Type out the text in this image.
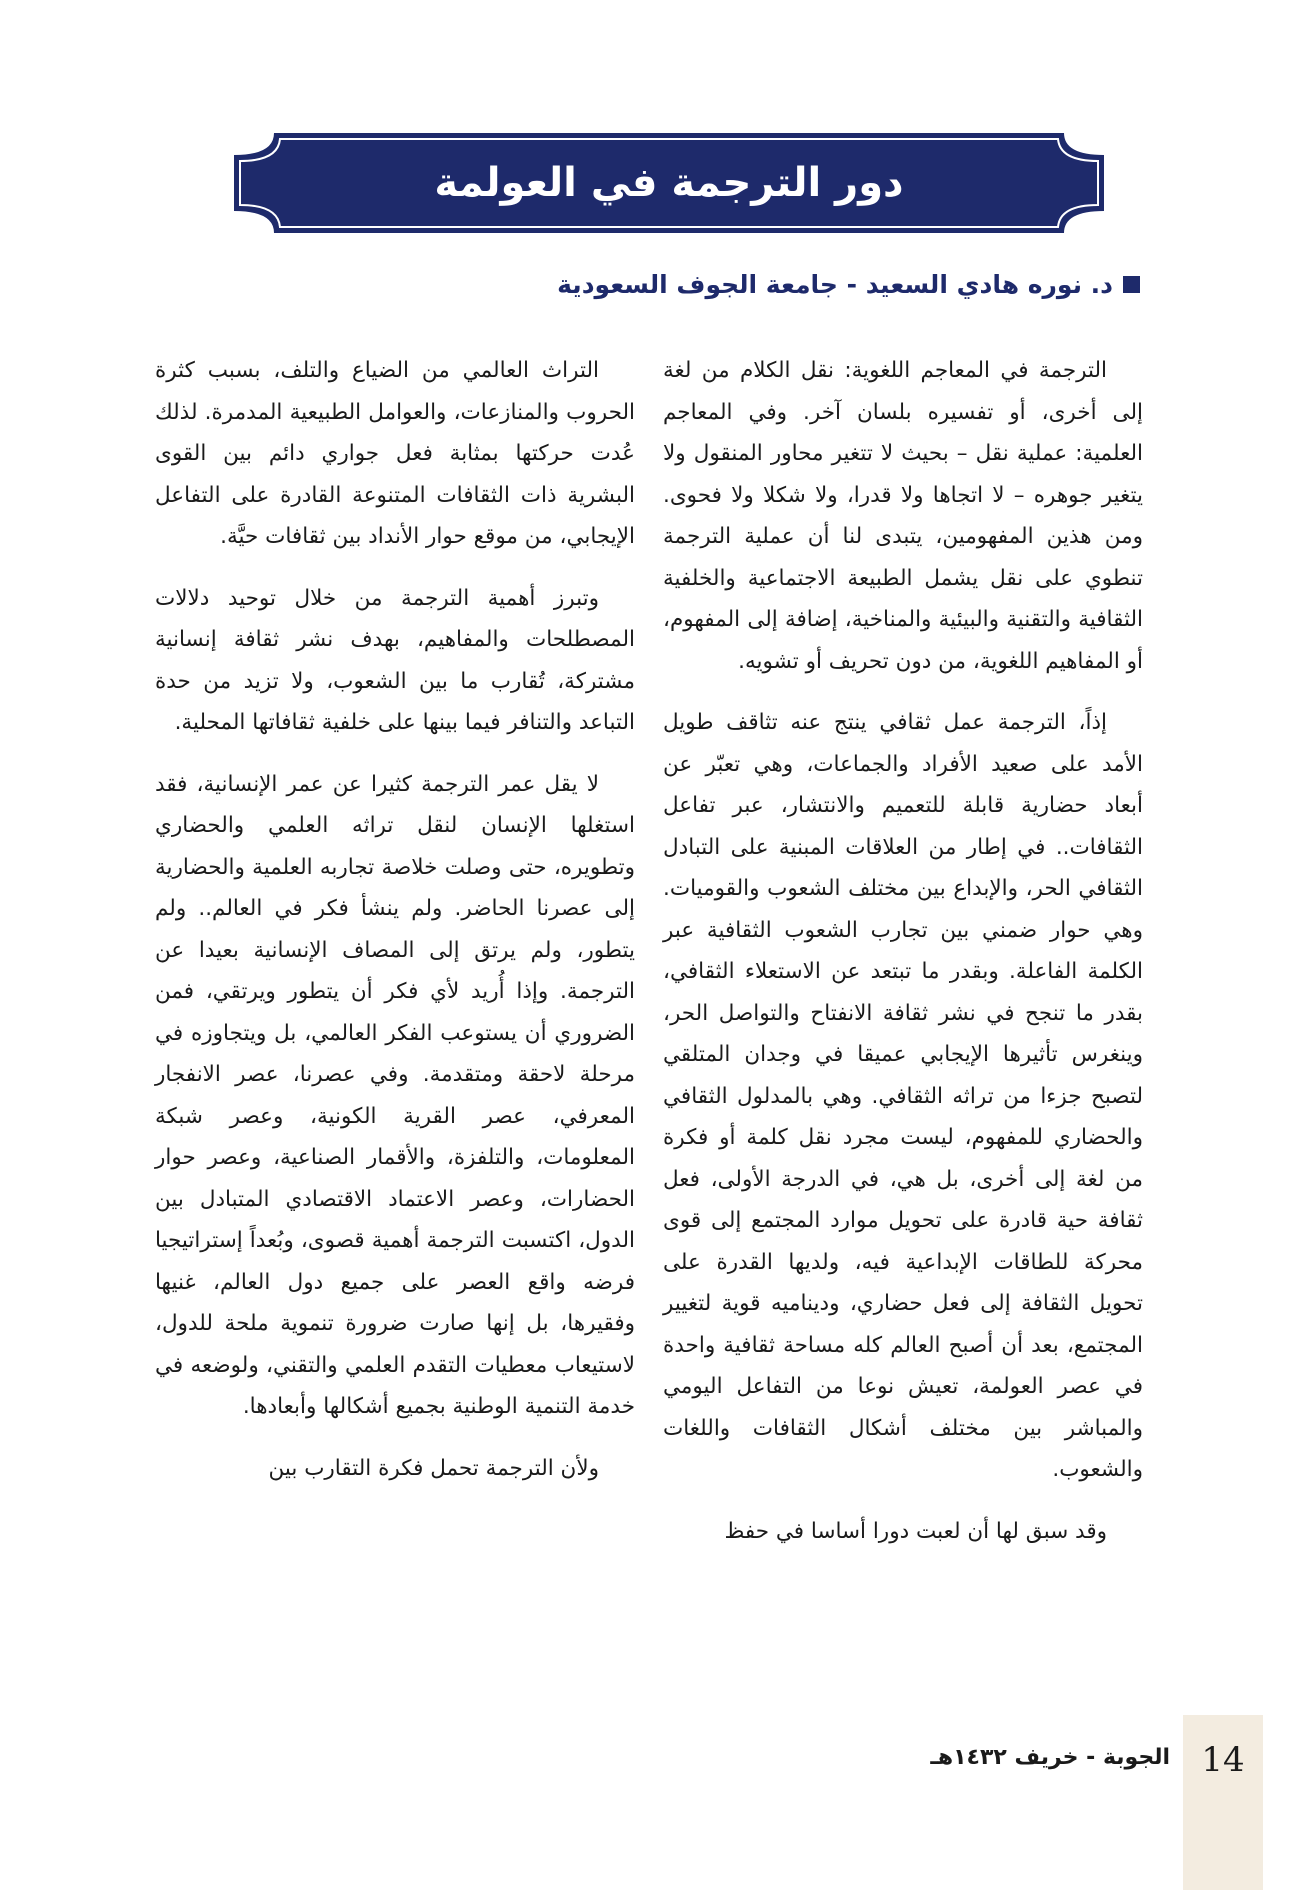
دور الترجمة في العولمة
د. نوره هادي السعيد - جامعة الجوف السعودية

الترجمة في المعاجم اللغوية: نقل الكلام من لغة إلى أخرى، أو تفسيره بلسان آخر. وفي المعاجم العلمية: عملية نقل – بحيث لا تتغير محاور المنقول ولا يتغير جوهره – لا اتجاها ولا قدرا، ولا شكلا ولا فحوى. ومن هذين المفهومين، يتبدى لنا أن عملية الترجمة تنطوي على نقل يشمل الطبيعة الاجتماعية والخلفية الثقافية والتقنية والبيئية والمناخية، إضافة إلى المفهوم، أو المفاهيم اللغوية، من دون تحريف أو تشويه.

إذاً، الترجمة عمل ثقافي ينتج عنه تثاقف طويل الأمد على صعيد الأفراد والجماعات، وهي تعبّر عن أبعاد حضارية قابلة للتعميم والانتشار، عبر تفاعل الثقافات.. في إطار من العلاقات المبنية على التبادل الثقافي الحر، والإبداع بين مختلف الشعوب والقوميات. وهي حوار ضمني بين تجارب الشعوب الثقافية عبر الكلمة الفاعلة. وبقدر ما تبتعد عن الاستعلاء الثقافي، بقدر ما تنجح في نشر ثقافة الانفتاح والتواصل الحر، وينغرس تأثيرها الإيجابي عميقا في وجدان المتلقي لتصبح جزءا من تراثه الثقافي. وهي بالمدلول الثقافي والحضاري للمفهوم، ليست مجرد نقل كلمة أو فكرة من لغة إلى أخرى، بل هي، في الدرجة الأولى، فعل ثقافة حية قادرة على تحويل موارد المجتمع إلى قوى محركة للطاقات الإبداعية فيه، ولديها القدرة على تحويل الثقافة إلى فعل حضاري، وديناميه قوية لتغيير المجتمع، بعد أن أصبح العالم كله مساحة ثقافية واحدة في عصر العولمة، تعيش نوعا من التفاعل اليومي والمباشر بين مختلف أشكال الثقافات واللغات والشعوب.

وقد سبق لها أن لعبت دورا أساسا في حفظ

التراث العالمي من الضياع والتلف، بسبب كثرة الحروب والمنازعات، والعوامل الطبيعية المدمرة. لذلك عُدت حركتها بمثابة فعل جواري دائم بين القوى البشرية ذات الثقافات المتنوعة القادرة على التفاعل الإيجابي، من موقع حوار الأنداد بين ثقافات حيَّة.

وتبرز أهمية الترجمة من خلال توحيد دلالات المصطلحات والمفاهيم، بهدف نشر ثقافة إنسانية مشتركة، تُقارب ما بين الشعوب، ولا تزيد من حدة التباعد والتنافر فيما بينها على خلفية ثقافاتها المحلية.

لا يقل عمر الترجمة كثيرا عن عمر الإنسانية، فقد استغلها الإنسان لنقل تراثه العلمي والحضاري وتطويره، حتى وصلت خلاصة تجاربه العلمية والحضارية إلى عصرنا الحاضر. ولم ينشأ فكر في العالم.. ولم يتطور، ولم يرتق إلى المصاف الإنسانية بعيدا عن الترجمة. وإذا أُريد لأي فكر أن يتطور ويرتقي، فمن الضروري أن يستوعب الفكر العالمي، بل ويتجاوزه في مرحلة لاحقة ومتقدمة. وفي عصرنا، عصر الانفجار المعرفي، عصر القرية الكونية، وعصر شبكة المعلومات، والتلفزة، والأقمار الصناعية، وعصر حوار الحضارات، وعصر الاعتماد الاقتصادي المتبادل بين الدول، اكتسبت الترجمة أهمية قصوى، وبُعداً إستراتيجيا فرضه واقع العصر على جميع دول العالم، غنيها وفقيرها، بل إنها صارت ضرورة تنموية ملحة للدول، لاستيعاب معطيات التقدم العلمي والتقني، ولوضعه في خدمة التنمية الوطنية بجميع أشكالها وأبعادها.

ولأن الترجمة تحمل فكرة التقارب بين

14
الجوبة - خريف ١٤٣٢هـ
